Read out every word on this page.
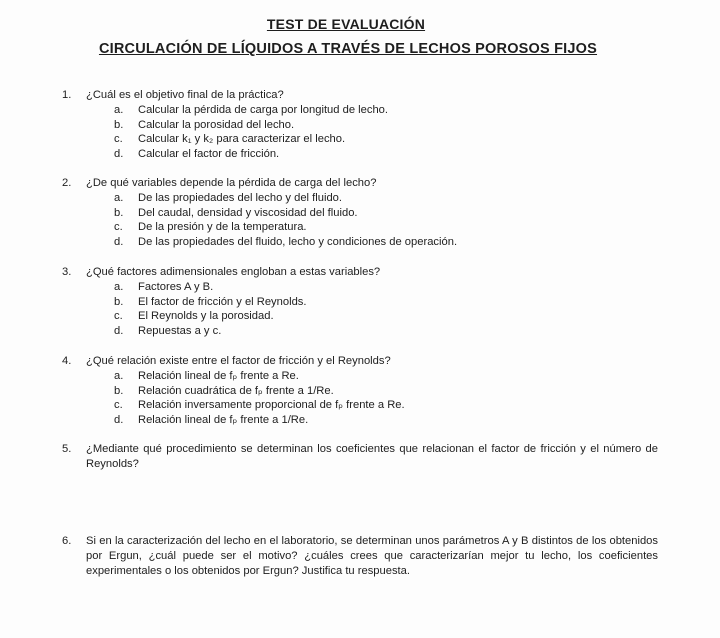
TEST DE EVALUACIÓN
CIRCULACIÓN DE LÍQUIDOS A TRAVÉS DE LECHOS POROSOS FIJOS
1.	¿Cuál es el objetivo final de la práctica?
a.	Calcular la pérdida de carga por longitud de lecho.
b.	Calcular la porosidad del lecho.
c.	Calcular k₁ y k₂ para caracterizar el lecho.
d.	Calcular el factor de fricción.
2.	¿De qué variables depende la pérdida de carga del lecho?
a.	De las propiedades del lecho y del fluido.
b.	Del caudal, densidad y viscosidad del fluido.
c.	De la presión y de la temperatura.
d.	De las propiedades del fluido, lecho y condiciones de operación.
3.	¿Qué factores adimensionales engloban a estas variables?
a.	Factores A y B.
b.	El factor de fricción y el Reynolds.
c.	El Reynolds y la porosidad.
d.	Repuestas a y c.
4.	¿Qué relación existe entre el factor de fricción y el Reynolds?
a.	Relación lineal de fₚ frente a Re.
b.	Relación cuadrática de fₚ frente a 1/Re.
c.	Relación inversamente proporcional de fₚ frente a Re.
d.	Relación lineal de fₚ frente a 1/Re.
5.	¿Mediante qué procedimiento se determinan los coeficientes que relacionan el factor de fricción y el número de Reynolds?
6.	Si en la caracterización del lecho en el laboratorio, se determinan unos parámetros A y B distintos de los obtenidos por Ergun, ¿cuál puede ser el motivo? ¿cuáles crees que caracterizarían mejor tu lecho, los coeficientes experimentales o los obtenidos por Ergun? Justifica tu respuesta.
